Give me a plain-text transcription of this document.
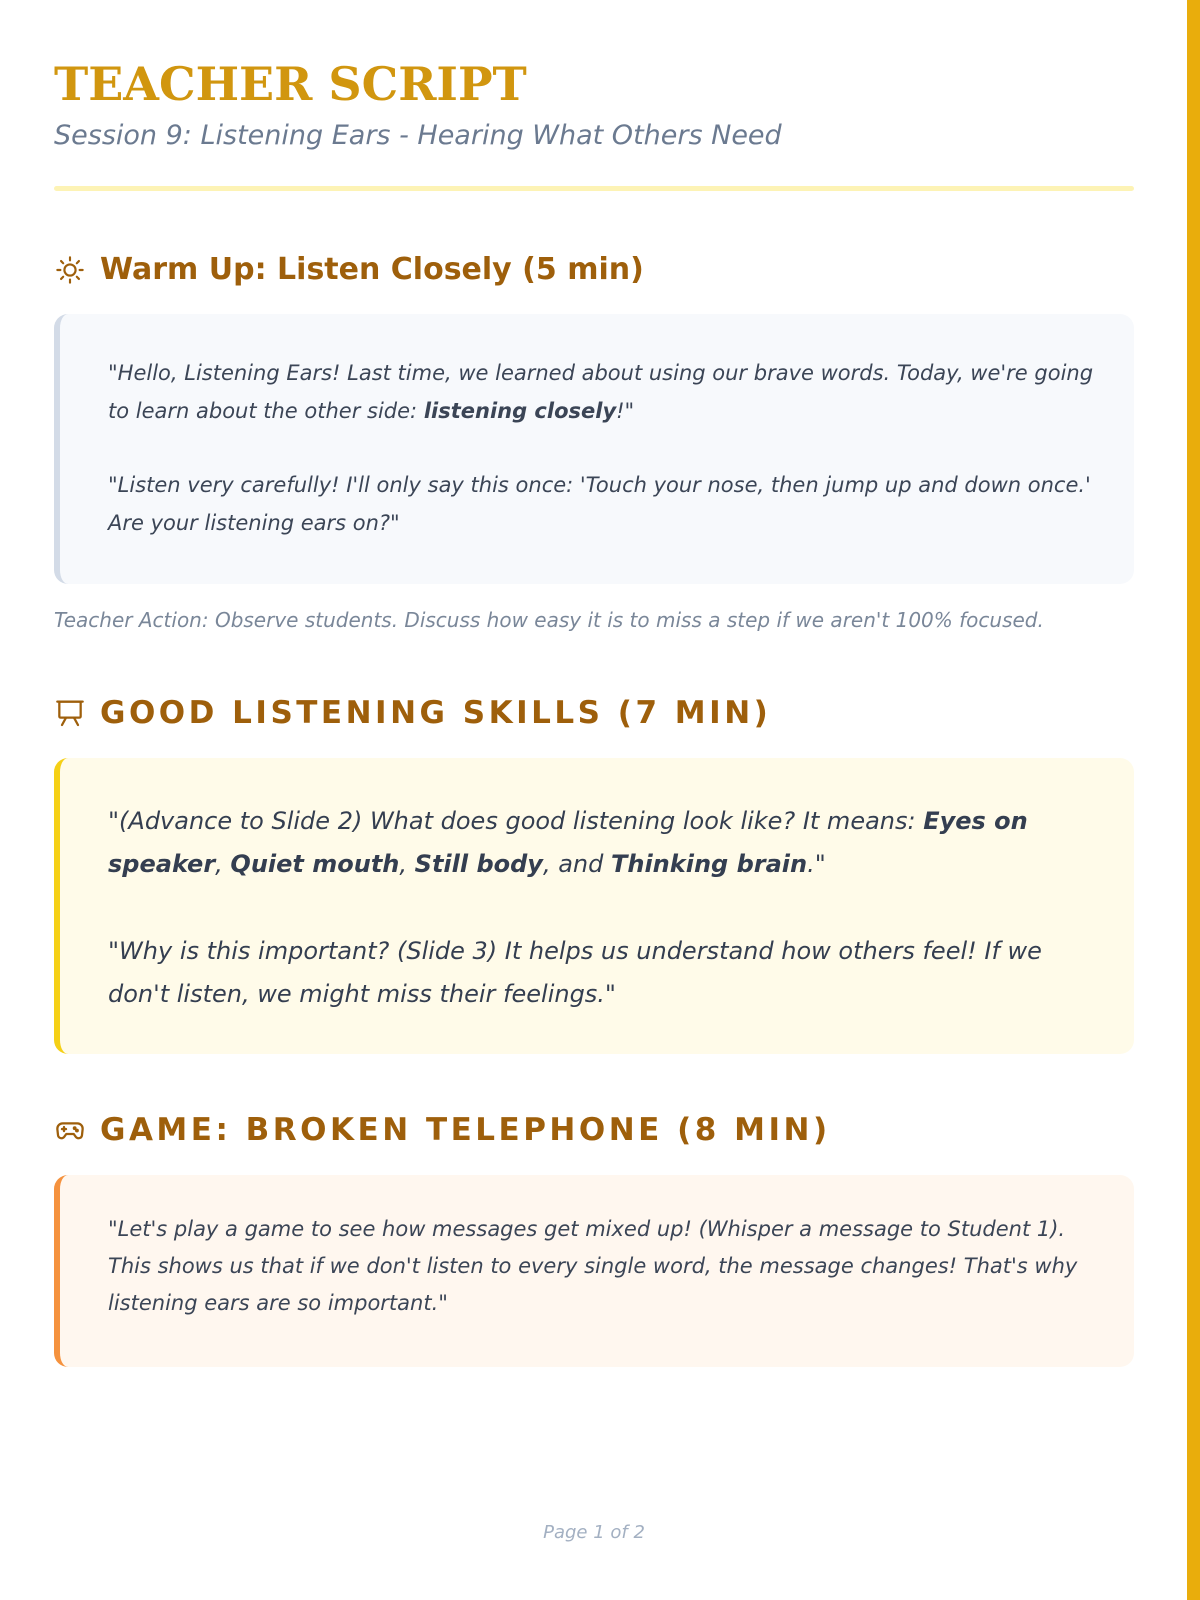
TEACHER SCRIPT

Session 9: Listening Ears - Hearing What Others Need

Warm Up: Listen Closely (5 min)

"Hello, Listening Ears! Last time, we learned about using our brave words. Today, we're going to learn about the other side: listening closely!"

"Listen very carefully! I'll only say this once: 'Touch your nose, then jump up and down once.' Are your listening ears on?"

Teacher Action: Observe students. Discuss how easy it is to miss a step if we aren't 100% focused.

GOOD LISTENING SKILLS (7 MIN)

"(Advance to Slide 2) What does good listening look like? It means: Eyes on speaker, Quiet mouth, Still body, and Thinking brain."

"Why is this important? (Slide 3) It helps us understand how others feel! If we don't listen, we might miss their feelings."

GAME: BROKEN TELEPHONE (8 MIN)

"Let's play a game to see how messages get mixed up! (Whisper a message to Student 1). This shows us that if we don't listen to every single word, the message changes! That's why listening ears are so important."

Page 1 of 2
